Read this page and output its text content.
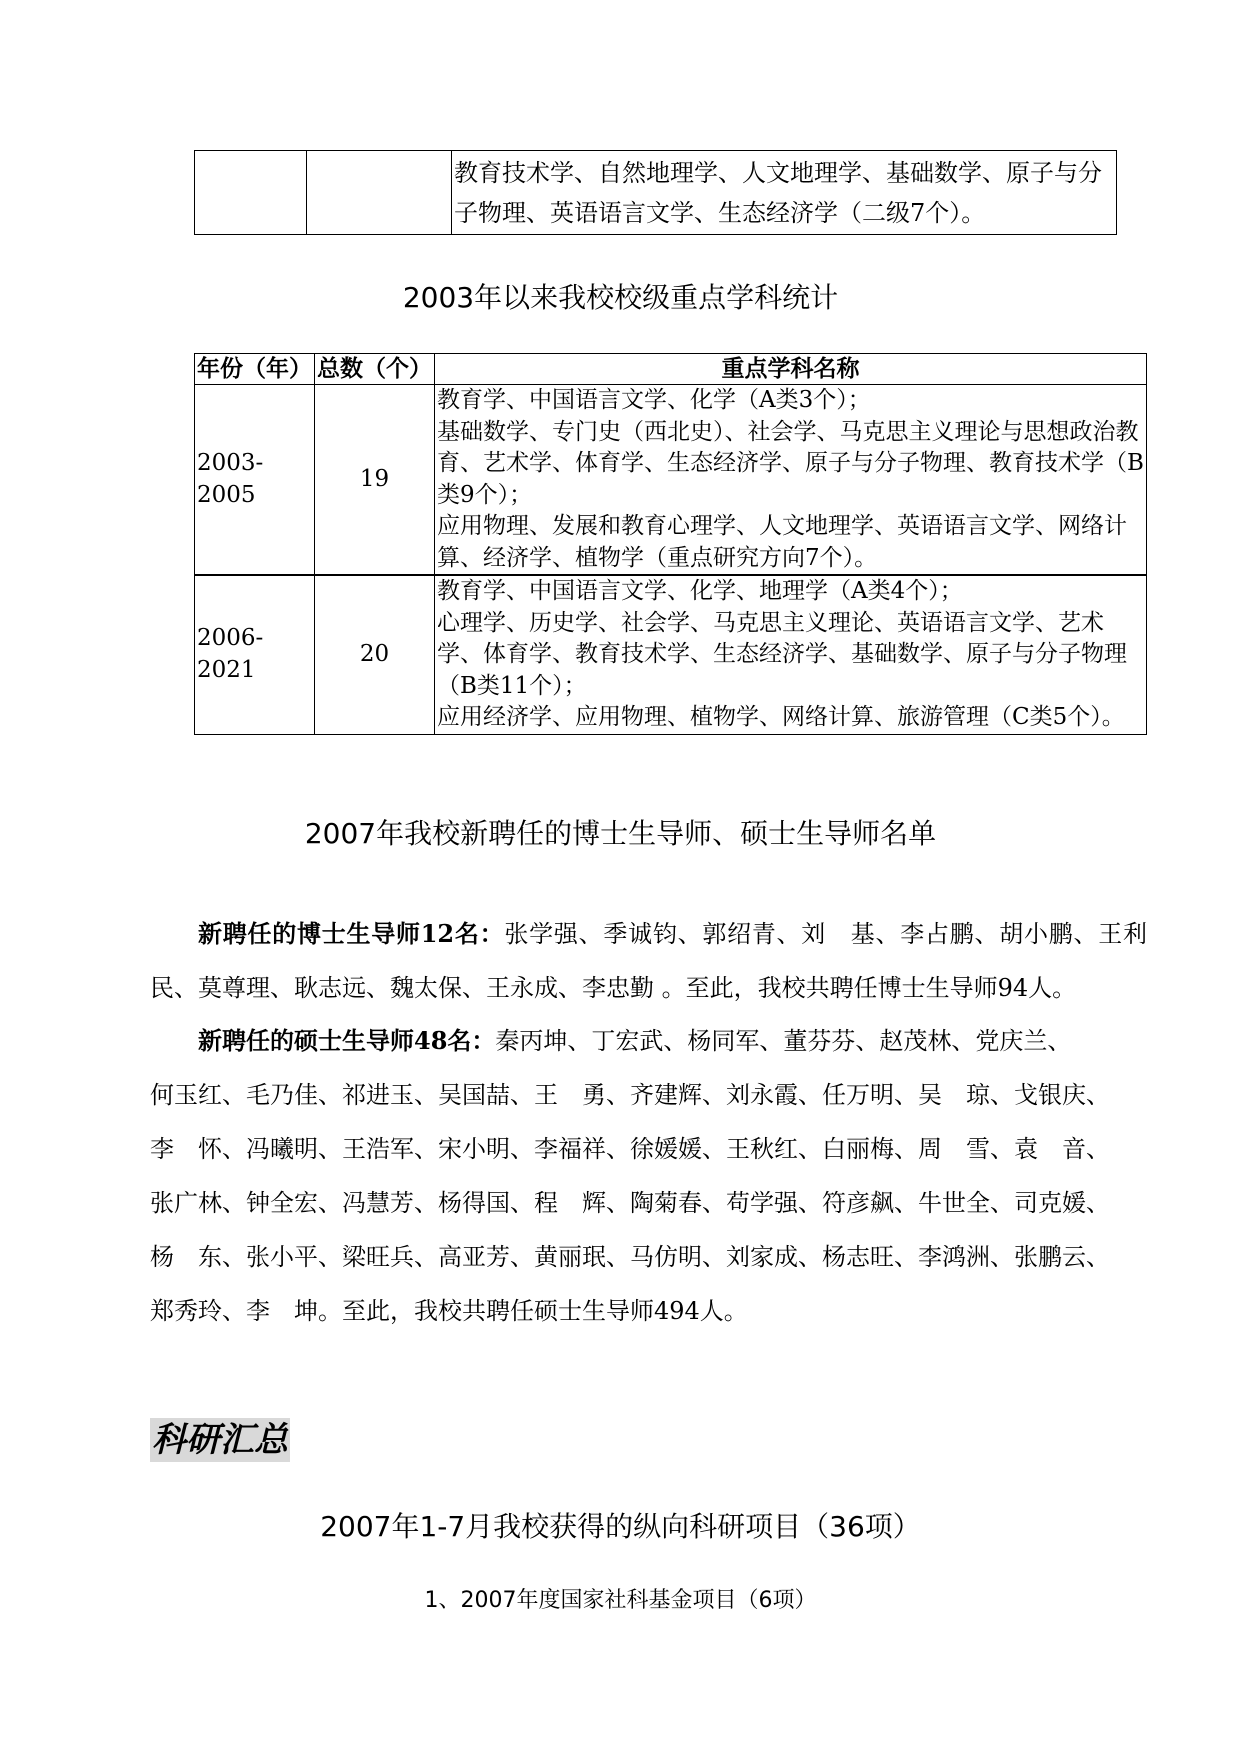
		教育技术学、自然地理学、人文地理学、基础数学、原子与分子物理、英语语言文学、生态经济学（二级7个）。
2003年以来我校校级重点学科统计
年份（年）	总数（个）	重点学科名称
2003-2005	19	教育学、中国语言文学、化学（A类3个）；
基础数学、专门史（西北史）、社会学、马克思主义理论与思想政治教育、艺术学、体育学、生态经济学、原子与分子物理、教育技术学（B类9个）；
应用物理、发展和教育心理学、人文地理学、英语语言文学、网络计算、经济学、植物学（重点研究方向7个）。

2006-2021	20	教育学、中国语言文学、化学、地理学（A类4个）；
心理学、历史学、社会学、马克思主义理论、英语语言文学、艺术学、体育学、教育技术学、生态经济学、基础数学、原子与分子物理（B类11个）；
应用经济学、应用物理、植物学、网络计算、旅游管理（C类5个）。
2007年我校新聘任的博士生导师、硕士生导师名单
新聘任的博士生导师12名：张学强、季诚钧、郭绍青、刘　基、李占鹏、胡小鹏、王利民、莫尊理、耿志远、魏太保、王永成、李忠勤 。至此，我校共聘任博士生导师94人。
新聘任的硕士生导师48名：秦丙坤、丁宏武、杨同军、董芬芬、赵茂林、党庆兰、
何玉红、毛乃佳、祁进玉、吴国喆、王　勇、齐建辉、刘永霞、任万明、吴　琼、戈银庆、
李　怀、冯曦明、王浩军、宋小明、李福祥、徐媛媛、王秋红、白丽梅、周　雪、袁　音、
张广林、钟全宏、冯慧芳、杨得国、程　辉、陶菊春、苟学强、符彦飙、牛世全、司克媛、
杨　东、张小平、梁旺兵、高亚芳、黄丽珉、马仿明、刘家成、杨志旺、李鸿洲、张鹏云、
郑秀玲、李　坤。至此，我校共聘任硕士生导师494人。
科研汇总
2007年1-7月我校获得的纵向科研项目（36项）
1、2007年度国家社科基金项目（6项）
